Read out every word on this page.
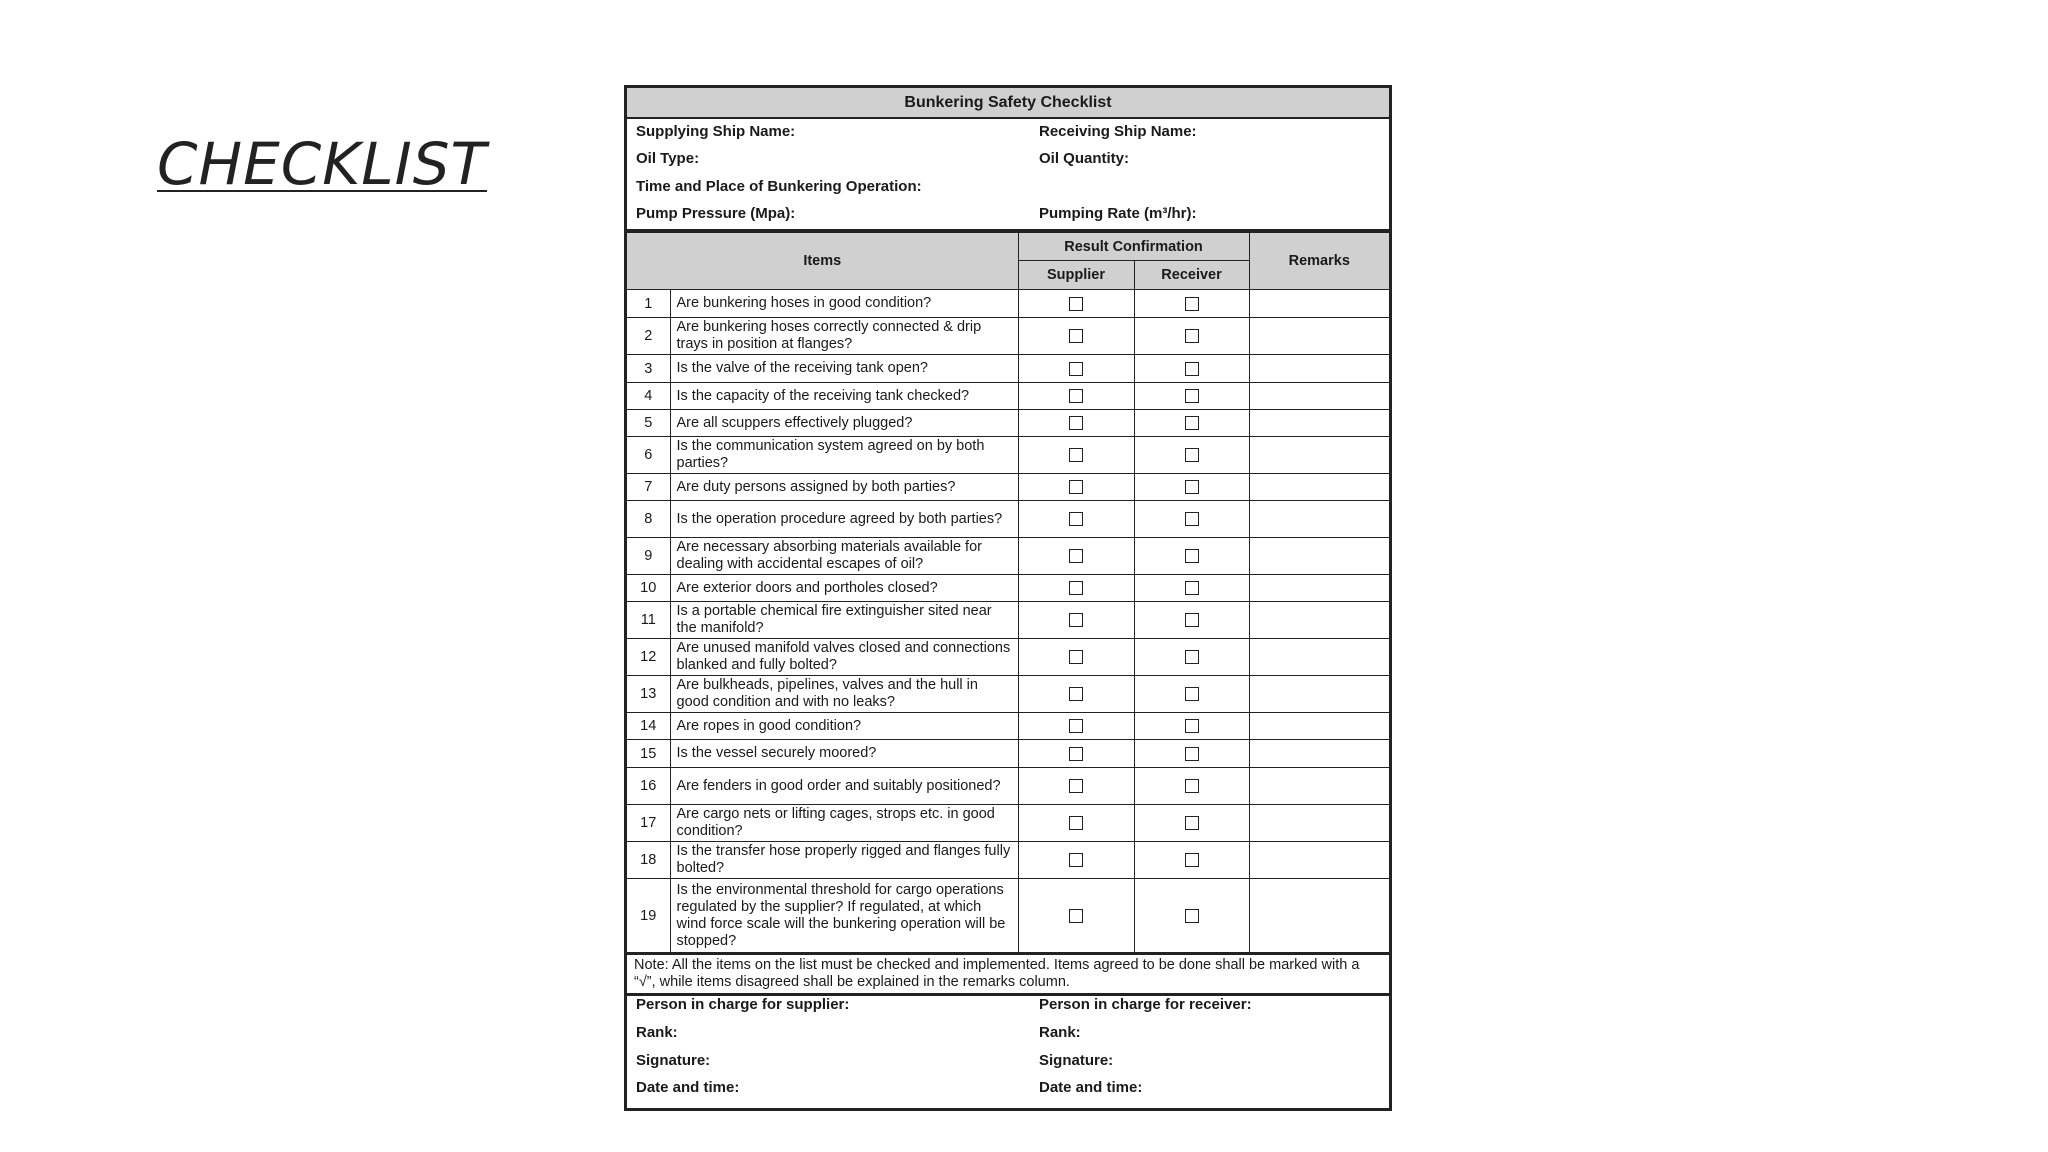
CHECKLIST
Bunkering Safety Checklist
Supplying Ship Name:	Receiving Ship Name:
Oil Type:	Oil Quantity:
Time and Place of Bunkering Operation:
Pump Pressure (Mpa):	Pumping Rate (m³/hr):
Items		Result Confirmation		Remarks
		Supplier	Receiver	
1	Are bunkering hoses in good condition?			
2	Are bunkering hoses correctly connected & drip trays in position at flanges?			
3	Is the valve of the receiving tank open?			
4	Is the capacity of the receiving tank checked?			
5	Are all scuppers effectively plugged?			
6	Is the communication system agreed on by both parties?			
7	Are duty persons assigned by both parties?			
8	Is the operation procedure agreed by both parties?			
9	Are necessary absorbing materials available for dealing with accidental escapes of oil?			
10	Are exterior doors and portholes closed?			
11	Is a portable chemical fire extinguisher sited near the manifold?			
12	Are unused manifold valves closed and connections blanked and fully bolted?			
13	Are bulkheads, pipelines, valves and the hull in good condition and with no leaks?			
14	Are ropes in good condition?			
15	Is the vessel securely moored?			
16	Are fenders in good order and suitably positioned?			
17	Are cargo nets or lifting cages, strops etc. in good condition?			
18	Is the transfer hose properly rigged and flanges fully bolted?			
19	Is the environmental threshold for cargo operations regulated by the supplier? If regulated, at which wind force scale will the bunkering operation will be stopped?			
Note: All the items on the list must be checked and implemented. Items agreed to be done shall be marked with a “√”, while items disagreed shall be explained in the remarks column.
Person in charge for supplier:	Person in charge for receiver:
Rank:	Rank:
Signature:	Signature:
Date and time:	Date and time:
